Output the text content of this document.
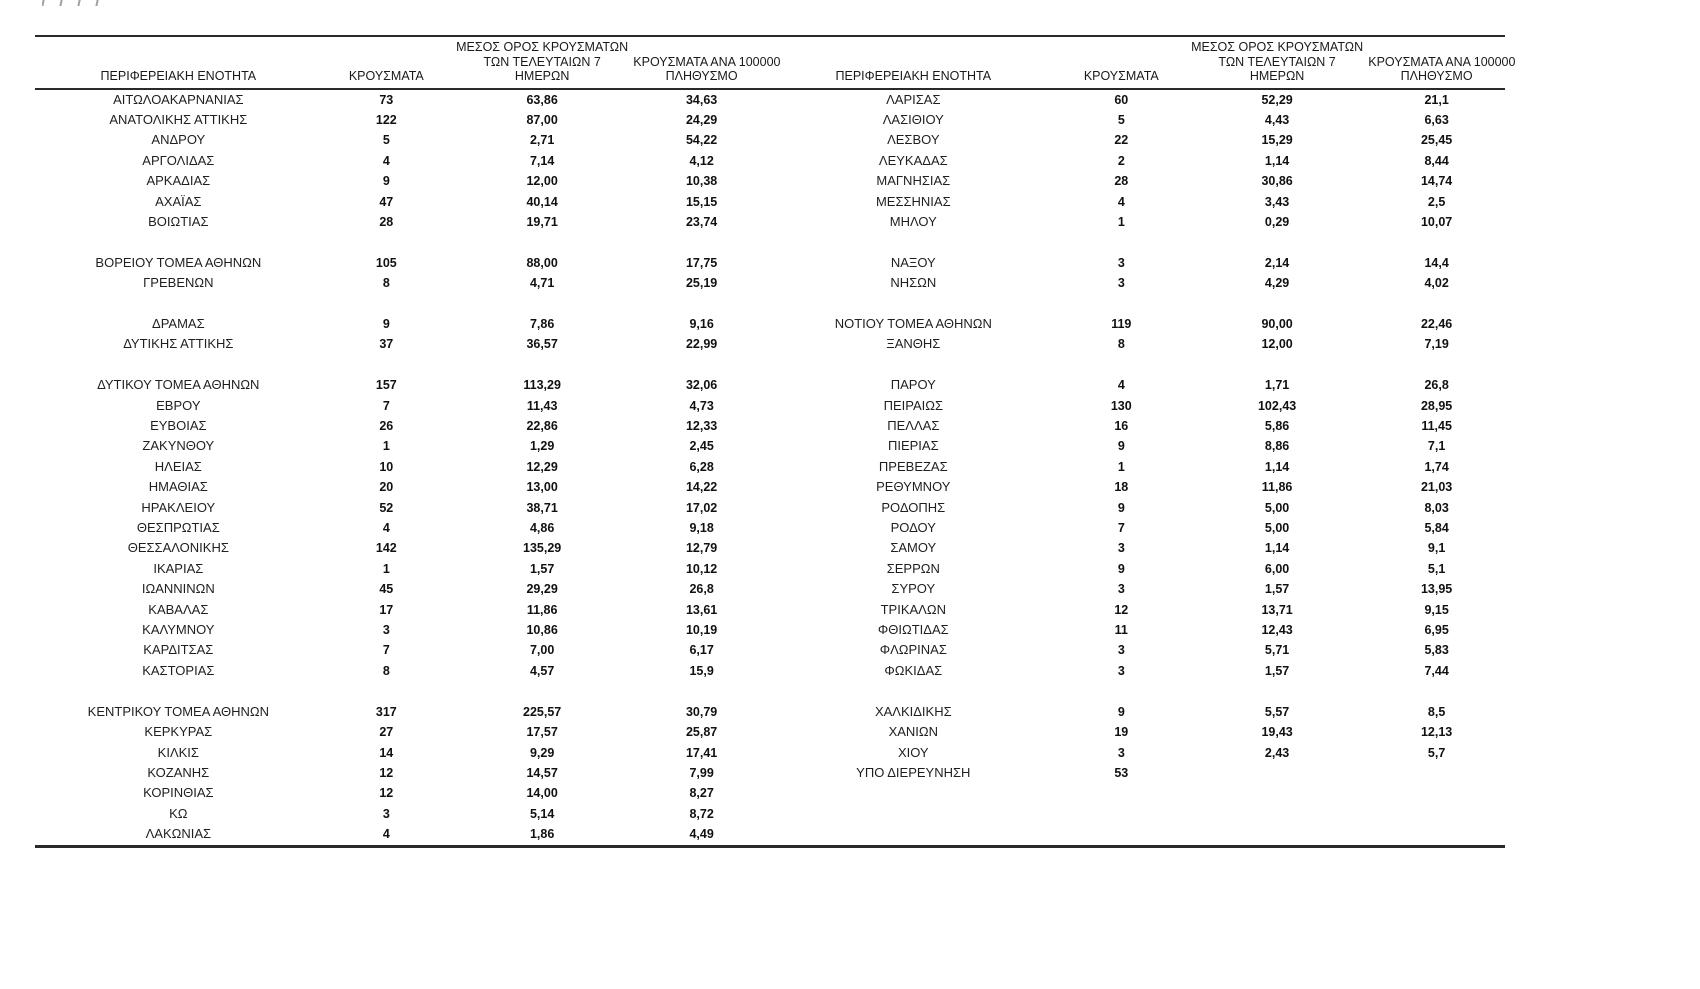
ΠΕΡΙΦΕΡΕΙΑΚΗ ΕΝΟΤΗΤΑ	ΚΡΟΥΣΜΑΤΑ	ΜΕΣΟΣ ΟΡΟΣ ΚΡΟΥΣΜΑΤΩΝ
ΤΩΝ ΤΕΛΕΥΤΑΙΩΝ 7
ΗΜΕΡΩΝ	ΚΡΟΥΣΜΑΤΑ ΑΝΑ 100000
ΠΛΗΘΥΣΜΟ	ΠΕΡΙΦΕΡΕΙΑΚΗ ΕΝΟΤΗΤΑ	ΚΡΟΥΣΜΑΤΑ	ΜΕΣΟΣ ΟΡΟΣ ΚΡΟΥΣΜΑΤΩΝ
ΤΩΝ ΤΕΛΕΥΤΑΙΩΝ 7
ΗΜΕΡΩΝ	ΚΡΟΥΣΜΑΤΑ ΑΝΑ 100000
ΠΛΗΘΥΣΜΟ

ΑΙΤΩΛΟΑΚΑΡΝΑΝΙΑΣ	73	63,86	34,63	ΛΑΡΙΣΑΣ	60	52,29	21,1
ΑΝΑΤΟΛΙΚΗΣ ΑΤΤΙΚΗΣ	122	87,00	24,29	ΛΑΣΙΘΙΟΥ	5	4,43	6,63
ΑΝΔΡΟΥ	5	2,71	54,22	ΛΕΣΒΟΥ	22	15,29	25,45
ΑΡΓΟΛΙΔΑΣ	4	7,14	4,12	ΛΕΥΚΑΔΑΣ	2	1,14	8,44
ΑΡΚΑΔΙΑΣ	9	12,00	10,38	ΜΑΓΝΗΣΙΑΣ	28	30,86	14,74
ΑΧΑΪΑΣ	47	40,14	15,15	ΜΕΣΣΗΝΙΑΣ	4	3,43	2,5
ΒΟΙΩΤΙΑΣ	28	19,71	23,74	ΜΗΛΟΥ	1	0,29	10,07

ΒΟΡΕΙΟΥ ΤΟΜΕΑ ΑΘΗΝΩΝ	105	88,00	17,75	ΝΑΞΟΥ	3	2,14	14,4
ΓΡΕΒΕΝΩΝ	8	4,71	25,19	ΝΗΣΩΝ	3	4,29	4,02

ΔΡΑΜΑΣ	9	7,86	9,16	ΝΟΤΙΟΥ ΤΟΜΕΑ ΑΘΗΝΩΝ	119	90,00	22,46
ΔΥΤΙΚΗΣ ΑΤΤΙΚΗΣ	37	36,57	22,99	ΞΑΝΘΗΣ	8	12,00	7,19

ΔΥΤΙΚΟΥ ΤΟΜΕΑ ΑΘΗΝΩΝ	157	113,29	32,06	ΠΑΡΟΥ	4	1,71	26,8
ΕΒΡΟΥ	7	11,43	4,73	ΠΕΙΡΑΙΩΣ	130	102,43	28,95
ΕΥΒΟΙΑΣ	26	22,86	12,33	ΠΕΛΛΑΣ	16	5,86	11,45
ΖΑΚΥΝΘΟΥ	1	1,29	2,45	ΠΙΕΡΙΑΣ	9	8,86	7,1
ΗΛΕΙΑΣ	10	12,29	6,28	ΠΡΕΒΕΖΑΣ	1	1,14	1,74
ΗΜΑΘΙΑΣ	20	13,00	14,22	ΡΕΘΥΜΝΟΥ	18	11,86	21,03
ΗΡΑΚΛΕΙΟΥ	52	38,71	17,02	ΡΟΔΟΠΗΣ	9	5,00	8,03
ΘΕΣΠΡΩΤΙΑΣ	4	4,86	9,18	ΡΟΔΟΥ	7	5,00	5,84
ΘΕΣΣΑΛΟΝΙΚΗΣ	142	135,29	12,79	ΣΑΜΟΥ	3	1,14	9,1
ΙΚΑΡΙΑΣ	1	1,57	10,12	ΣΕΡΡΩΝ	9	6,00	5,1
ΙΩΑΝΝΙΝΩΝ	45	29,29	26,8	ΣΥΡΟΥ	3	1,57	13,95
ΚΑΒΑΛΑΣ	17	11,86	13,61	ΤΡΙΚΑΛΩΝ	12	13,71	9,15
ΚΑΛΥΜΝΟΥ	3	10,86	10,19	ΦΘΙΩΤΙΔΑΣ	11	12,43	6,95
ΚΑΡΔΙΤΣΑΣ	7	7,00	6,17	ΦΛΩΡΙΝΑΣ	3	5,71	5,83
ΚΑΣΤΟΡΙΑΣ	8	4,57	15,9	ΦΩΚΙΔΑΣ	3	1,57	7,44

ΚΕΝΤΡΙΚΟΥ ΤΟΜΕΑ ΑΘΗΝΩΝ	317	225,57	30,79	ΧΑΛΚΙΔΙΚΗΣ	9	5,57	8,5
ΚΕΡΚΥΡΑΣ	27	17,57	25,87	ΧΑΝΙΩΝ	19	19,43	12,13
ΚΙΛΚΙΣ	14	9,29	17,41	ΧΙΟΥ	3	2,43	5,7
ΚΟΖΑΝΗΣ	12	14,57	7,99	ΥΠΟ ΔΙΕΡΕΥΝΗΣΗ	53		
ΚΟΡΙΝΘΙΑΣ	12	14,00	8,27				
ΚΩ	3	5,14	8,72				
ΛΑΚΩΝΙΑΣ	4	1,86	4,49				
